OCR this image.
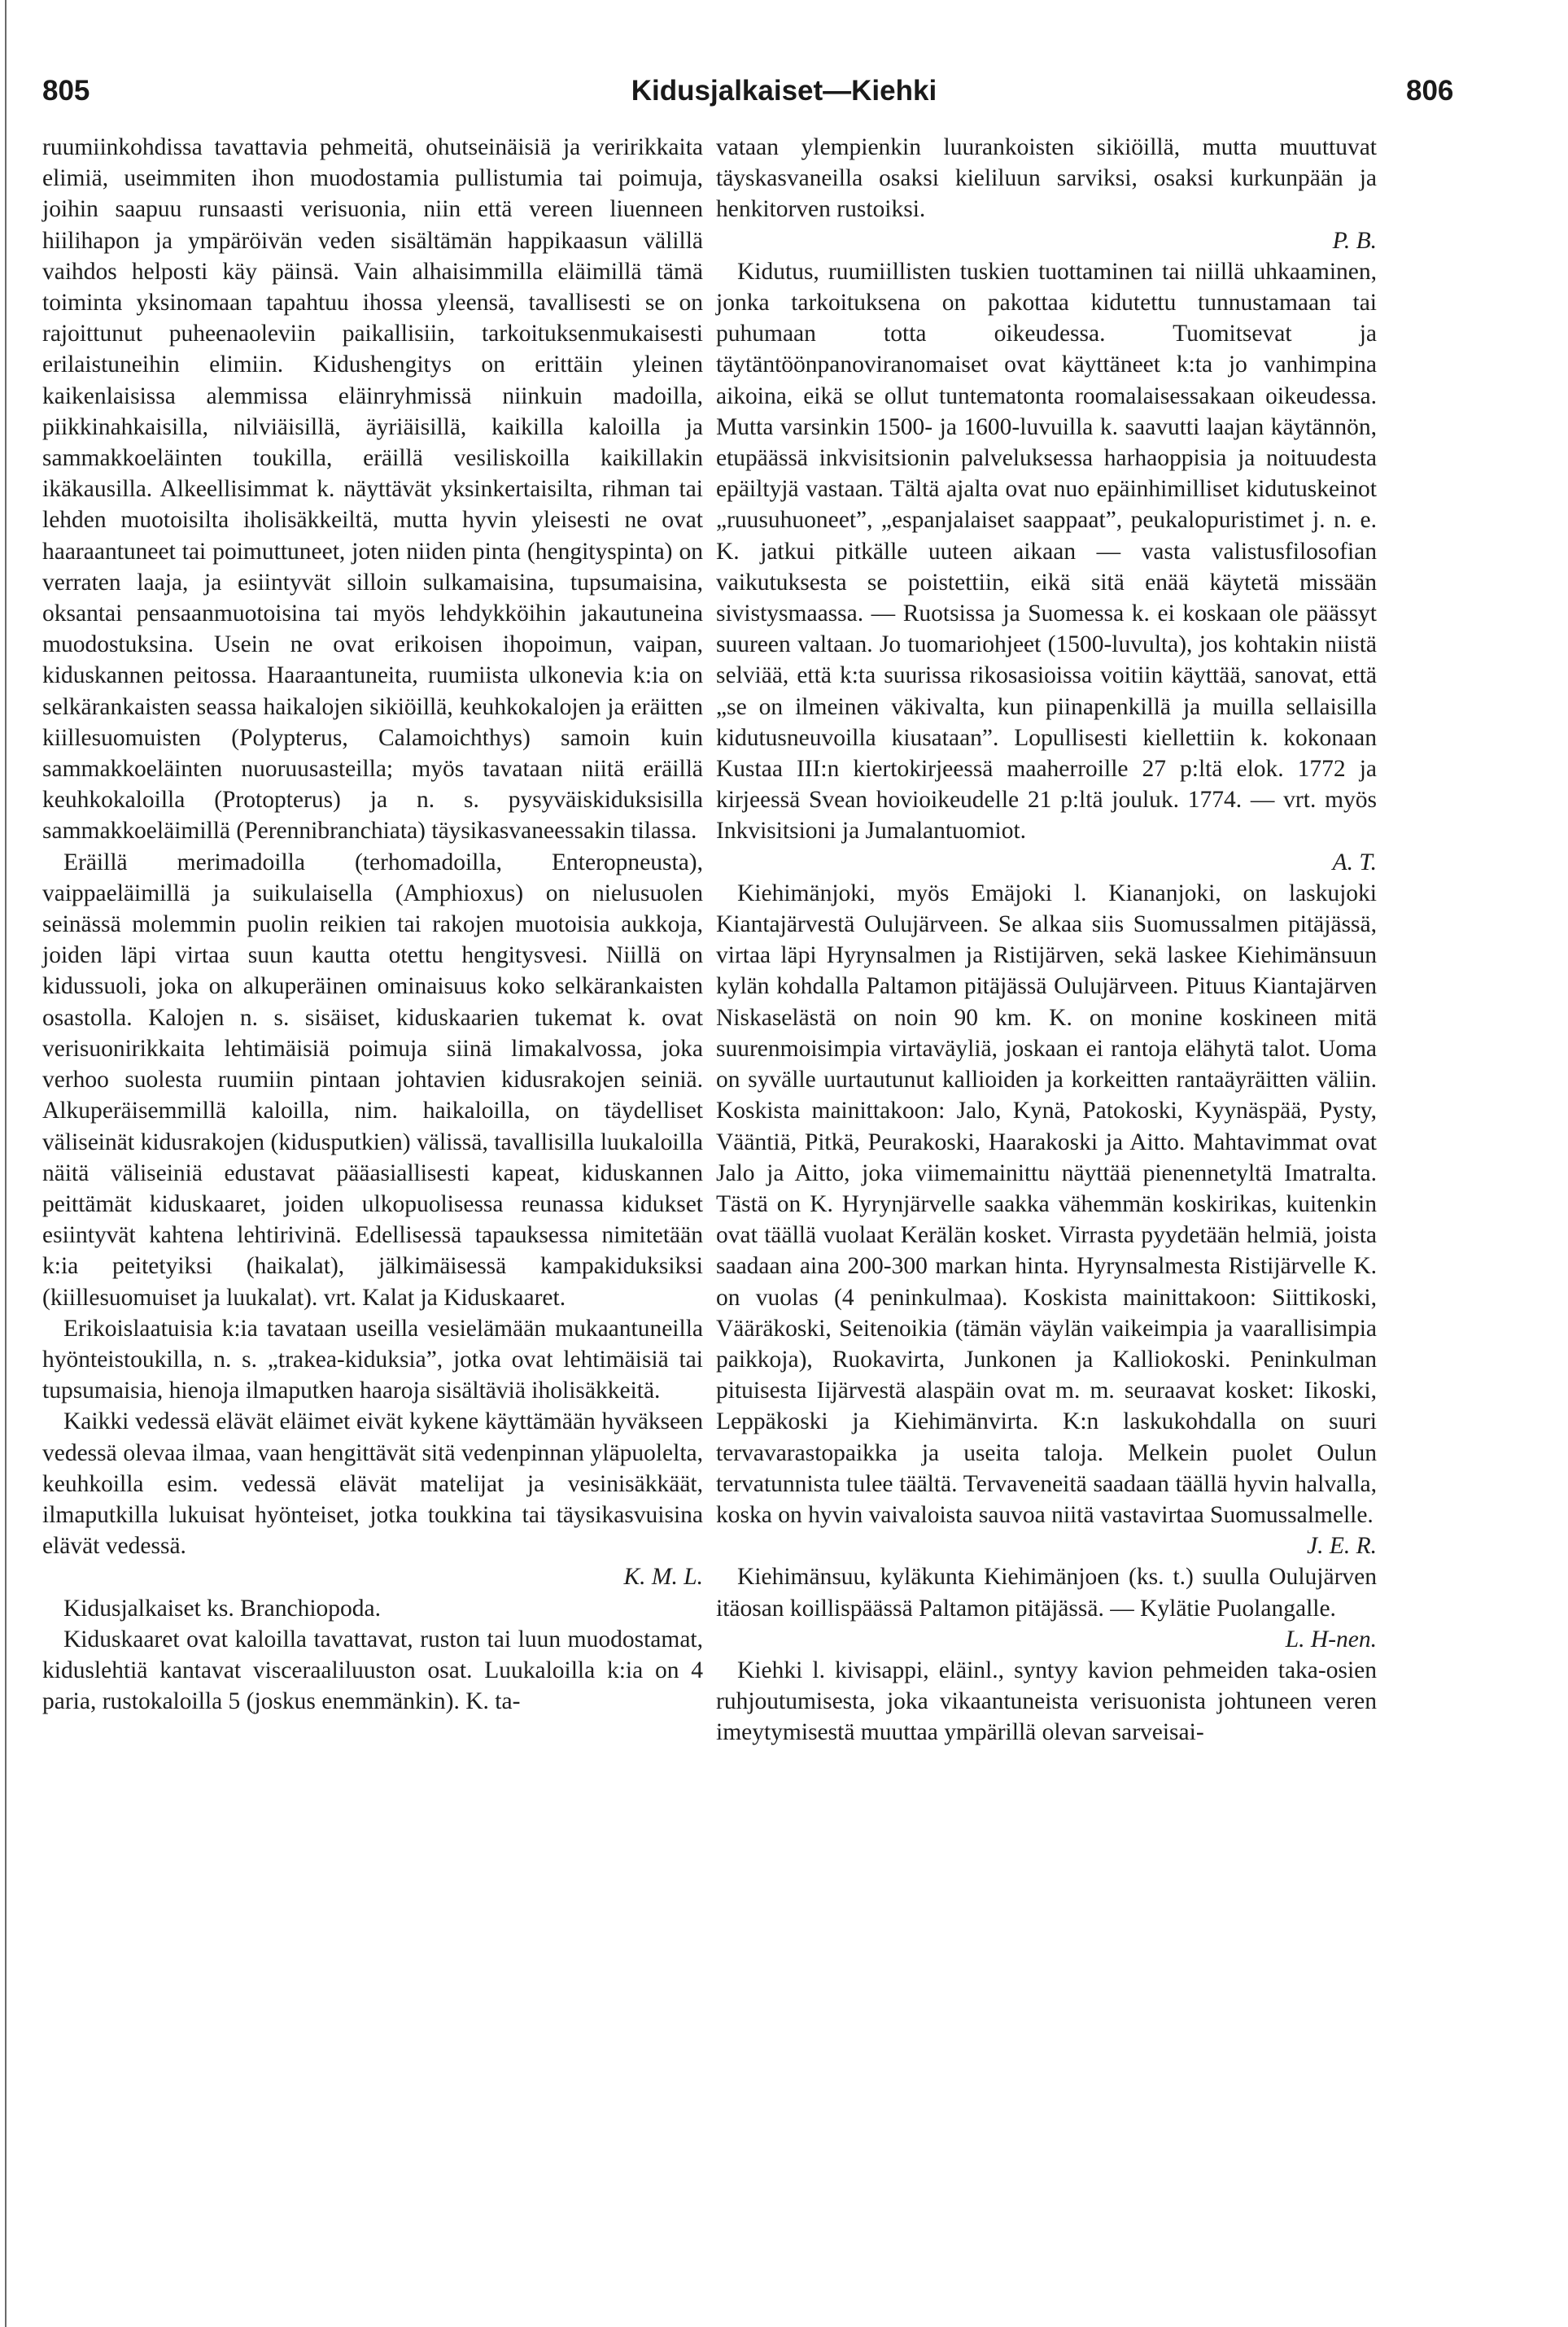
805	Kidusjalkaiset—Kiehki	806

ruumiinkohdissa tavattavia pehmeitä, ohutseinäisiä ja veririkkaita elimiä, useimmiten ihon muodostamia pullistumia tai poimuja, joihin saapuu runsaasti verisuonia, niin että vereen liuenneen hiilihapon ja ympäröivän veden sisältämän happikaasun välillä vaihdos helposti käy päinsä. Vain alhaisimmilla eläimillä tämä toiminta yksinomaan tapahtuu ihossa yleensä, tavallisesti se on rajoittunut puheenaoleviin paikallisiin, tarkoituksenmukaisesti erilaistuneihin elimiin. Kidushengitys on erittäin yleinen kaikenlaisissa alemmissa eläinryhmissä niinkuin madoilla, piikkinahkaisilla, nilviäisillä, äyriäisillä, kaikilla kaloilla ja sammakkoeläinten toukilla, eräillä vesiliskoilla kaikillakin ikäkausilla. Alkeellisimmat k. näyttävät yksinkertaisilta, rihman tai lehden muotoisilta iholisäkkeiltä, mutta hyvin yleisesti ne ovat haaraantuneet tai poimuttuneet, joten niiden pinta (hengityspinta) on verraten laaja, ja esiintyvät silloin sulkamaisina, tupsumaisina, oksantai pensaanmuotoisina tai myös lehdykköihin jakautuneina muodostuksina. Usein ne ovat erikoisen ihopoimun, vaipan, kiduskannen peitossa. Haaraantuneita, ruumiista ulkonevia k:ia on selkärankaisten seassa haikalojen sikiöillä, keuhkokalojen ja eräitten kiillesuomuisten (Polypterus, Calamoichthys) samoin kuin sammakkoeläinten nuoruusasteilla; myös tavataan niitä eräillä keuhkokaloilla (Protopterus) ja n. s. pysyväiskiduksisilla sammakkoeläimillä (Perennibranchiata) täysikasvaneessakin tilassa.

Eräillä merimadoilla (terhomadoilla, Enteropneusta), vaippaeläimillä ja suikulaisella (Amphioxus) on nielusuolen seinässä molemmin puolin reikien tai rakojen muotoisia aukkoja, joiden läpi virtaa suun kautta otettu hengitysvesi. Niillä on kidussuoli, joka on alkuperäinen ominaisuus koko selkärankaisten osastolla. Kalojen n. s. sisäiset, kiduskaarien tukemat k. ovat verisuonirikkaita lehtimäisiä poimuja siinä limakalvossa, joka verhoo suolesta ruumiin pintaan johtavien kidusrakojen seiniä. Alkuperäisemmillä kaloilla, nim. haikaloilla, on täydelliset väliseinät kidusrakojen (kidusputkien) välissä, tavallisilla luukaloilla näitä väliseiniä edustavat pääasiallisesti kapeat, kiduskannen peittämät kiduskaaret, joiden ulkopuolisessa reunassa kidukset esiintyvät kahtena lehtirivinä. Edellisessä tapauksessa nimitetään k:ia peitetyiksi (haikalat), jälkimäisessä kampakiduksiksi (kiillesuomuiset ja luukalat). vrt. Kalat ja Kiduskaaret.

Erikoislaatuisia k:ia tavataan useilla vesielämään mukaantuneilla hyönteistoukilla, n. s. „trakea-kiduksia”, jotka ovat lehtimäisiä tai tupsumaisia, hienoja ilmaputken haaroja sisältäviä iholisäkkeitä.

Kaikki vedessä elävät eläimet eivät kykene käyttämään hyväkseen vedessä olevaa ilmaa, vaan hengittävät sitä vedenpinnan yläpuolelta, keuhkoilla esim. vedessä elävät matelijat ja vesinisäkkäät, ilmaputkilla lukuisat hyönteiset, jotka toukkina tai täysikasvuisina elävät vedessä.

K. M. L.

Kidusjalkaiset ks. Branchiopoda.

Kiduskaaret ovat kaloilla tavattavat, ruston tai luun muodostamat, kiduslehtiä kantavat visceraaliluuston osat. Luukaloilla k:ia on 4 paria, rustokaloilla 5 (joskus enemmänkin). K. ta-

vataan ylempienkin luurankoisten sikiöillä, mutta muuttuvat täyskasvaneilla osaksi kieliluun sarviksi, osaksi kurkunpään ja henkitorven rustoiksi.

P. B.

Kidutus, ruumiillisten tuskien tuottaminen tai niillä uhkaaminen, jonka tarkoituksena on pakottaa kidutettu tunnustamaan tai puhumaan totta oikeudessa. Tuomitsevat ja täytäntöönpanoviranomaiset ovat käyttäneet k:ta jo vanhimpina aikoina, eikä se ollut tuntematonta roomalaisessakaan oikeudessa. Mutta varsinkin 1500- ja 1600-luvuilla k. saavutti laajan käytännön, etupäässä inkvisitsionin palveluksessa harhaoppisia ja noituudesta epäiltyjä vastaan. Tältä ajalta ovat nuo epäinhimilliset kidutuskeinot „ruusuhuoneet”, „espanjalaiset saappaat”, peukalopuristimet j. n. e. K. jatkui pitkälle uuteen aikaan — vasta valistusfilosofian vaikutuksesta se poistettiin, eikä sitä enää käytetä missään sivistysmaassa. — Ruotsissa ja Suomessa k. ei koskaan ole päässyt suureen valtaan. Jo tuomariohjeet (1500-luvulta), jos kohtakin niistä selviää, että k:ta suurissa rikosasioissa voitiin käyttää, sanovat, että „se on ilmeinen väkivalta, kun piinapenkillä ja muilla sellaisilla kidutusneuvoilla kiusataan”. Lopullisesti kiellettiin k. kokonaan Kustaa III:n kiertokirjeessä maaherroille 27 p:ltä elok. 1772 ja kirjeessä Svean hovioikeudelle 21 p:ltä jouluk. 1774. — vrt. myös Inkvisitsioni ja Jumalantuomiot.

A. T.

Kiehimänjoki, myös Emäjoki l. Kiananjoki, on laskujoki Kiantajärvestä Oulujärveen. Se alkaa siis Suomussalmen pitäjässä, virtaa läpi Hyrynsalmen ja Ristijärven, sekä laskee Kiehimänsuun kylän kohdalla Paltamon pitäjässä Oulujärveen. Pituus Kiantajärven Niskaselästä on noin 90 km. K. on monine koskineen mitä suurenmoisimpia virtaväyliä, joskaan ei rantoja elähytä talot. Uoma on syvälle uurtautunut kallioiden ja korkeitten rantaäyräitten väliin. Koskista mainittakoon: Jalo, Kynä, Patokoski, Kyynäspää, Pysty, Vääntiä, Pitkä, Peurakoski, Haarakoski ja Aitto. Mahtavimmat ovat Jalo ja Aitto, joka viimemainittu näyttää pienennetyltä Imatralta. Tästä on K. Hyrynjärvelle saakka vähemmän koskirikas, kuitenkin ovat täällä vuolaat Kerälän kosket. Virrasta pyydetään helmiä, joista saadaan aina 200-300 markan hinta. Hyrynsalmesta Ristijärvelle K. on vuolas (4 peninkulmaa). Koskista mainittakoon: Siittikoski, Vääräkoski, Seitenoikia (tämän väylän vaikeimpia ja vaarallisimpia paikkoja), Ruokavirta, Junkonen ja Kalliokoski. Peninkulman pituisesta Iijärvestä alaspäin ovat m. m. seuraavat kosket: Iikoski, Leppäkoski ja Kiehimänvirta. K:n laskukohdalla on suuri tervavarastopaikka ja useita taloja. Melkein puolet Oulun tervatunnista tulee täältä. Tervaveneitä saadaan täällä hyvin halvalla, koska on hyvin vaivaloista sauvoa niitä vastavirtaa Suomussalmelle.

J. E. R.

Kiehimänsuu, kyläkunta Kiehimänjoen (ks. t.) suulla Oulujärven itäosan koillispäässä Paltamon pitäjässä. — Kylätie Puolangalle.

L. H-nen.

Kiehki l. kivisappi, eläinl., syntyy kavion pehmeiden taka-osien ruhjoutumisesta, joka vikaantuneista verisuonista johtuneen veren imeytymisestä muuttaa ympärillä olevan sarveisai-
